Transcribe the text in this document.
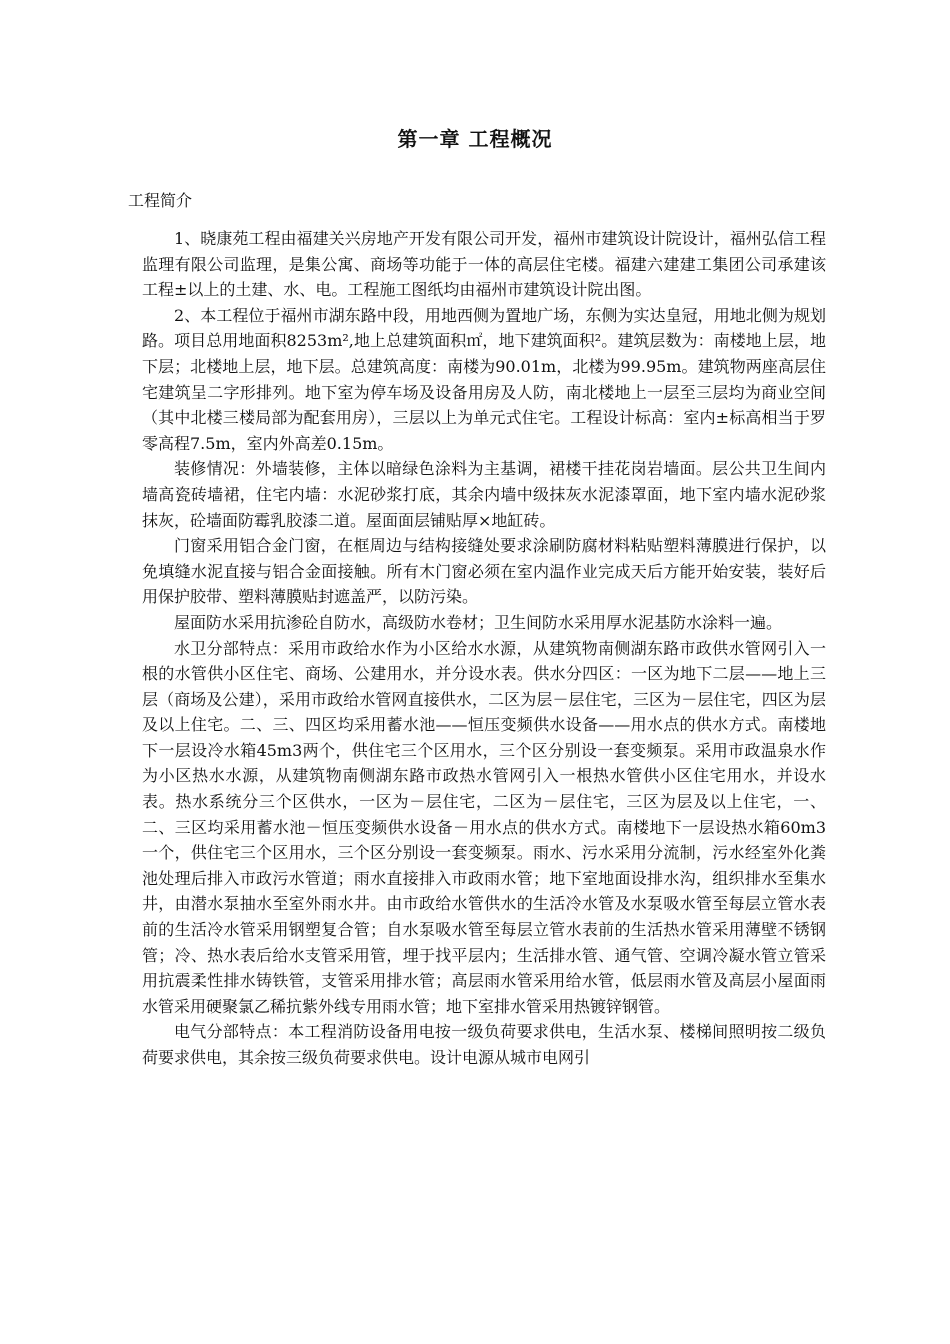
第一章 工程概况
工程简介

1、晓康苑工程由福建关兴房地产开发有限公司开发，福州市建筑设计院设计，福州弘信工程监理有限公司监理，是集公寓、商场等功能于一体的高层住宅楼。福建六建建工集团公司承建该工程±以上的土建、水、电。工程施工图纸均由福州市建筑设计院出图。

2、本工程位于福州市湖东路中段，用地西侧为置地广场，东侧为实达皇冠，用地北侧为规划路。项目总用地面积8253m²,地上总建筑面积㎡，地下建筑面积²。建筑层数为：南楼地上层，地下层；北楼地上层，地下层。总建筑高度：南楼为90.01m，北楼为99.95m。建筑物两座高层住宅建筑呈二字形排列。地下室为停车场及设备用房及人防，南北楼地上一层至三层均为商业空间（其中北楼三楼局部为配套用房），三层以上为单元式住宅。工程设计标高：室内±标高相当于罗零高程7.5m，室内外高差0.15m。

装修情况：外墙装修，主体以暗绿色涂料为主基调，裙楼干挂花岗岩墙面。层公共卫生间内墙高瓷砖墙裙，住宅内墙：水泥砂浆打底，其余内墙中级抹灰水泥漆罩面，地下室内墙水泥砂浆抹灰，砼墙面防霉乳胶漆二道。屋面面层铺贴厚×地缸砖。

门窗采用铝合金门窗，在框周边与结构接缝处要求涂刷防腐材料粘贴塑料薄膜进行保护，以免填缝水泥直接与铝合金面接触。所有木门窗必须在室内温作业完成天后方能开始安装，装好后用保护胶带、塑料薄膜贴封遮盖严，以防污染。

屋面防水采用抗渗砼自防水，高级防水卷材；卫生间防水采用厚水泥基防水涂料一遍。

水卫分部特点：采用市政给水作为小区给水水源，从建筑物南侧湖东路市政供水管网引入一根的水管供小区住宅、商场、公建用水，并分设水表。供水分四区：一区为地下二层——地上三层（商场及公建），采用市政给水管网直接供水，二区为层－层住宅，三区为－层住宅，四区为层及以上住宅。二、三、四区均采用蓄水池——恒压变频供水设备——用水点的供水方式。南楼地下一层设冷水箱45m3两个，供住宅三个区用水，三个区分别设一套变频泵。采用市政温泉水作为小区热水水源，从建筑物南侧湖东路市政热水管网引入一根热水管供小区住宅用水，并设水表。热水系统分三个区供水，一区为－层住宅，二区为－层住宅，三区为层及以上住宅，一、二、三区均采用蓄水池－恒压变频供水设备－用水点的供水方式。南楼地下一层设热水箱60m3一个，供住宅三个区用水，三个区分别设一套变频泵。雨水、污水采用分流制，污水经室外化粪池处理后排入市政污水管道；雨水直接排入市政雨水管；地下室地面设排水沟，组织排水至集水井，由潜水泵抽水至室外雨水井。由市政给水管供水的生活冷水管及水泵吸水管至每层立管水表前的生活冷水管采用钢塑复合管；自水泵吸水管至每层立管水表前的生活热水管采用薄壁不锈钢管；冷、热水表后给水支管采用管，埋于找平层内；生活排水管、通气管、空调冷凝水管立管采用抗震柔性排水铸铁管，支管采用排水管；高层雨水管采用给水管，低层雨水管及高层小屋面雨水管采用硬聚氯乙稀抗紫外线专用雨水管；地下室排水管采用热镀锌钢管。

电气分部特点：本工程消防设备用电按一级负荷要求供电，生活水泵、楼梯间照明按二级负荷要求供电，其余按三级负荷要求供电。设计电源从城市电网引
